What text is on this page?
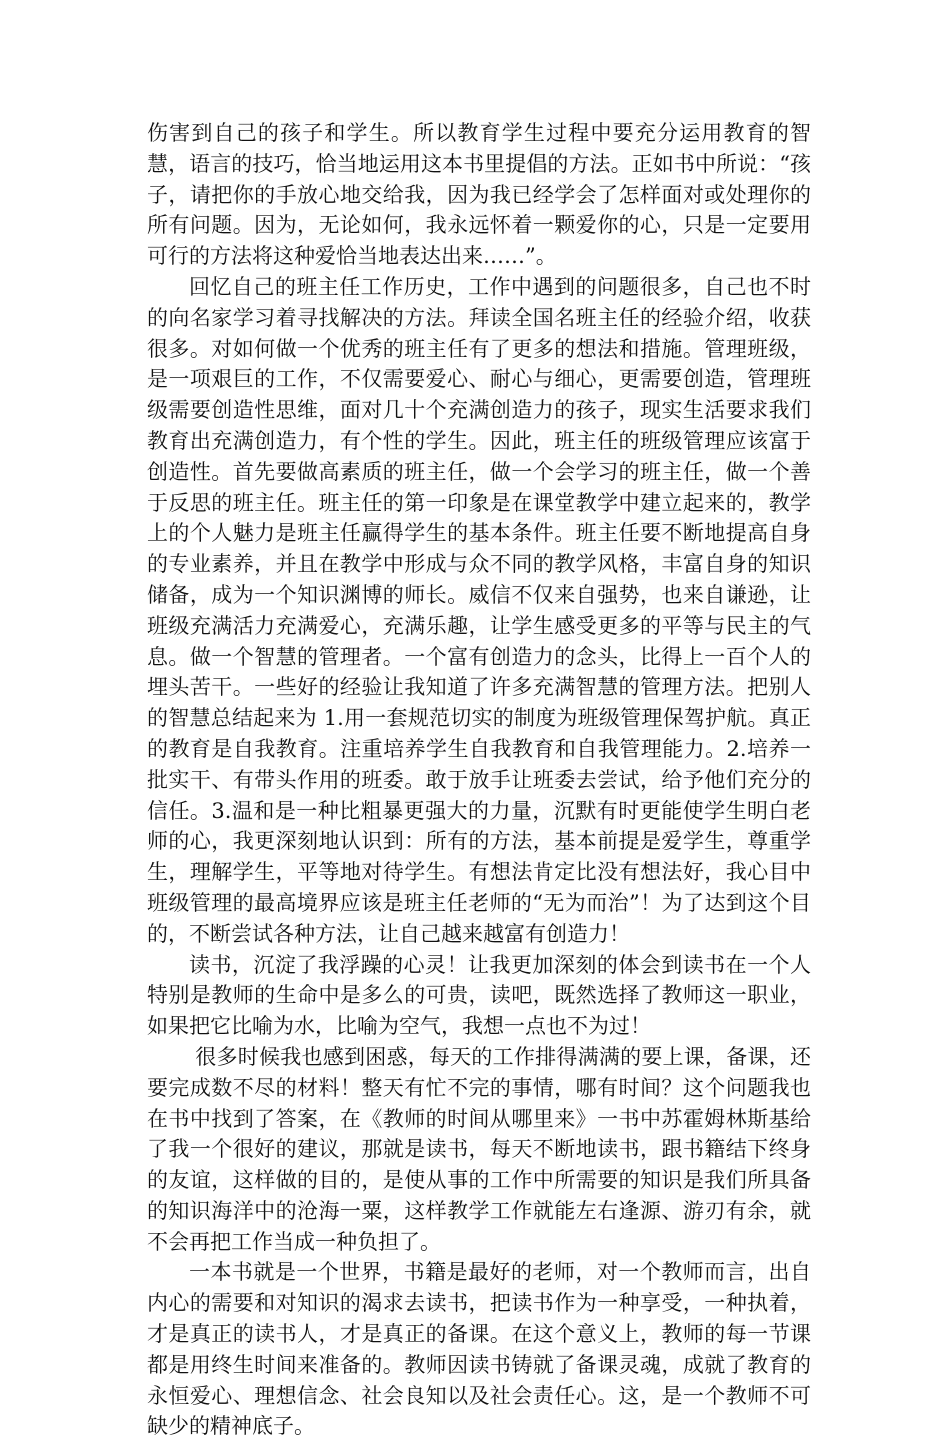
伤害到自己的孩子和学生。所以教育学生过程中要充分运用教育的智慧，语言的技巧，恰当地运用这本书里提倡的方法。正如书中所说：“孩子，请把你的手放心地交给我，因为我已经学会了怎样面对或处理你的所有问题。因为，无论如何，我永远怀着一颗爱你的心，只是一定要用可行的方法将这种爱恰当地表达出来……”。

回忆自己的班主任工作历史，工作中遇到的问题很多，自己也不时的向名家学习着寻找解决的方法。拜读全国名班主任的经验介绍，收获很多。对如何做一个优秀的班主任有了更多的想法和措施。管理班级，是一项艰巨的工作，不仅需要爱心、耐心与细心，更需要创造，管理班级需要创造性思维，面对几十个充满创造力的孩子，现实生活要求我们教育出充满创造力，有个性的学生。因此，班主任的班级管理应该富于创造性。首先要做高素质的班主任，做一个会学习的班主任，做一个善于反思的班主任。班主任的第一印象是在课堂教学中建立起来的，教学上的个人魅力是班主任赢得学生的基本条件。班主任要不断地提高自身的专业素养，并且在教学中形成与众不同的教学风格，丰富自身的知识储备，成为一个知识渊博的师长。威信不仅来自强势，也来自谦逊，让班级充满活力充满爱心，充满乐趣，让学生感受更多的平等与民主的气息。做一个智慧的管理者。一个富有创造力的念头，比得上一百个人的埋头苦干。一些好的经验让我知道了许多充满智慧的管理方法。把别人的智慧总结起来为 1.用一套规范切实的制度为班级管理保驾护航。真正的教育是自我教育。注重培养学生自我教育和自我管理能力。2.培养一批实干、有带头作用的班委。敢于放手让班委去尝试，给予他们充分的信任。3.温和是一种比粗暴更强大的力量，沉默有时更能使学生明白老师的心，我更深刻地认识到：所有的方法，基本前提是爱学生，尊重学生，理解学生，平等地对待学生。有想法肯定比没有想法好，我心目中班级管理的最高境界应该是班主任老师的“无为而治”！为了达到这个目的，不断尝试各种方法，让自己越来越富有创造力！

读书，沉淀了我浮躁的心灵！让我更加深刻的体会到读书在一个人特别是教师的生命中是多么的可贵，读吧，既然选择了教师这一职业，如果把它比喻为水，比喻为空气，我想一点也不为过！

很多时候我也感到困惑，每天的工作排得满满的要上课，备课，还要完成数不尽的材料！整天有忙不完的事情，哪有时间？这个问题我也在书中找到了答案，在《教师的时间从哪里来》一书中苏霍姆林斯基给了我一个很好的建议，那就是读书，每天不断地读书，跟书籍结下终身的友谊，这样做的目的，是使从事的工作中所需要的知识是我们所具备的知识海洋中的沧海一粟，这样教学工作就能左右逢源、游刃有余，就不会再把工作当成一种负担了。

一本书就是一个世界，书籍是最好的老师，对一个教师而言，出自内心的需要和对知识的渴求去读书，把读书作为一种享受，一种执着，才是真正的读书人，才是真正的备课。在这个意义上，教师的每一节课都是用终生时间来准备的。教师因读书铸就了备课灵魂，成就了教育的永恒爱心、理想信念、社会良知以及社会责任心。这，是一个教师不可缺少的精神底子。
